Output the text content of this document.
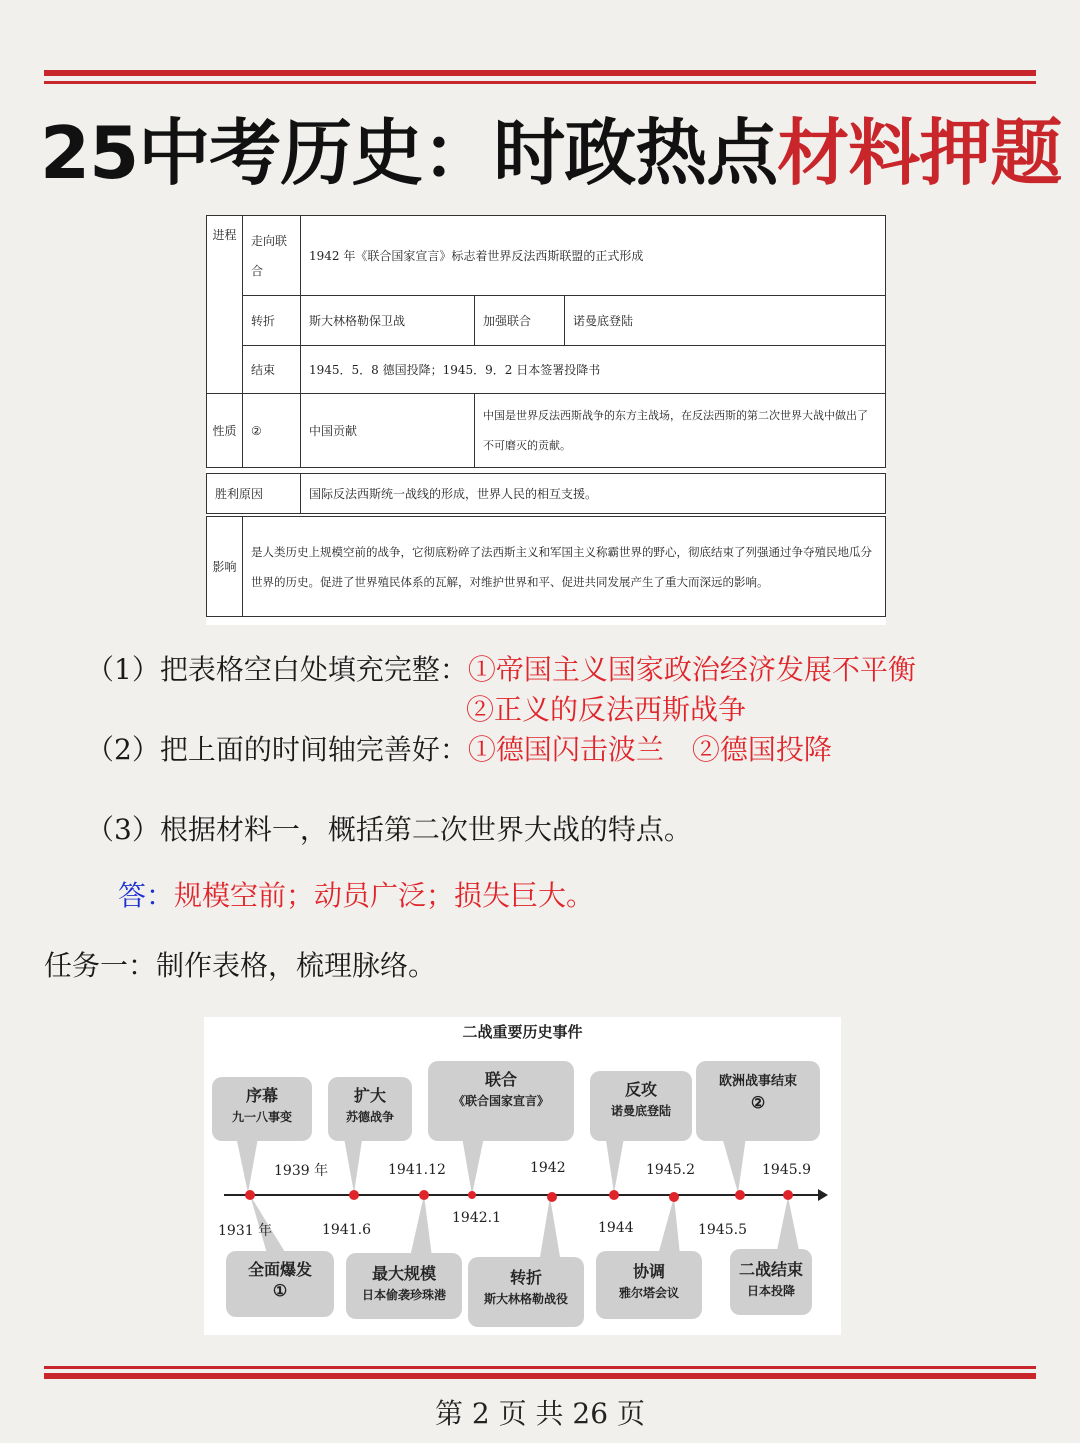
25中考历史：时政热点材料押题
进程	走向联合	1942 年《联合国家宣言》标志着世界反法西斯联盟的正式形成		
	转折	斯大林格勒保卫战	加强联合	诺曼底登陆
	结束	1945．5．8 德国投降；1945．9．2 日本签署投降书		
性质	②	中国贡献	中国是世界反法西斯战争的东方主战场，在反法西斯的第二次世界大战中做出了不可磨灭的贡献。	
胜利原因	国际反法西斯统一战线的形成，世界人民的相互支援。
影响	是人类历史上规模空前的战争，它彻底粉碎了法西斯主义和军国主义称霸世界的野心，彻底结束了列强通过争夺殖民地瓜分世界的历史。促进了世界殖民体系的瓦解，对维护世界和平、促进共同发展产生了重大而深远的影响。
（1）把表格空白处填充完整：①帝国主义国家政治经济发展不平衡
②正义的反法西斯战争
（2）把上面的时间轴完善好：①德国闪击波兰　②德国投降
（3）根据材料一，概括第二次世界大战的特点。
答：规模空前；动员广泛；损失巨大。
任务一：制作表格，梳理脉络。
二战重要历史事件
序幕
九一八事变
扩大
苏德战争
联合
《联合国家宣言》
反攻
诺曼底登陆
欧洲战事结束
②
1939 年	1941.12	1942	1945.2	1945.9
1931 年	1941.6
1942.1
1944	1945.5
全面爆发
①
最大规模
日本偷袭珍珠港
转折
斯大林格勒战役
协调
雅尔塔会议
二战结束
日本投降
第 2 页 共 26 页
